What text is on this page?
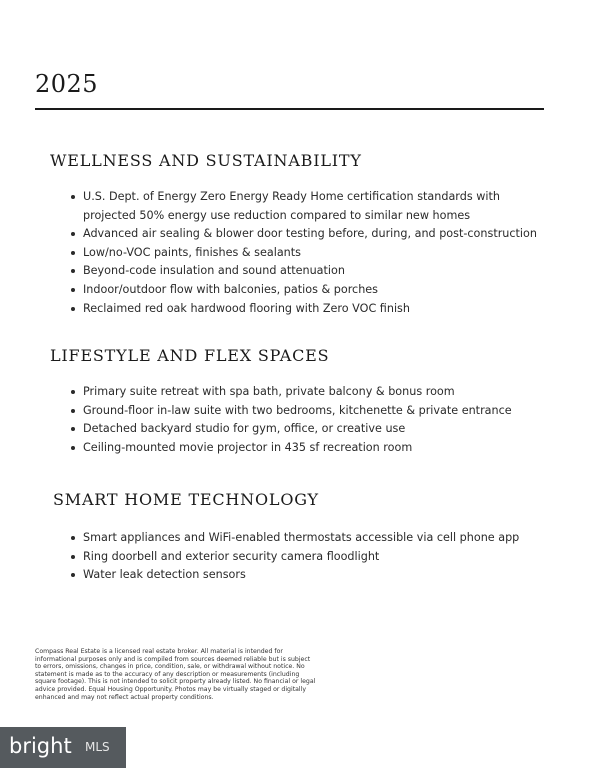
2025
WELLNESS AND SUSTAINABILITY
U.S. Dept. of Energy Zero Energy Ready Home certification standards with projected 50% energy use reduction compared to similar new homes
Advanced air sealing & blower door testing before, during, and post-construction
Low/no-VOC paints, finishes & sealants
Beyond-code insulation and sound attenuation
Indoor/outdoor flow with balconies, patios & porches
Reclaimed red oak hardwood flooring with Zero VOC finish
LIFESTYLE AND FLEX SPACES
Primary suite retreat with spa bath, private balcony & bonus room
Ground-floor in-law suite with two bedrooms, kitchenette & private entrance
Detached backyard studio for gym, office, or creative use
Ceiling-mounted movie projector in 435 sf recreation room
SMART HOME TECHNOLOGY
Smart appliances and WiFi-enabled thermostats accessible via cell phone app
Ring doorbell and exterior security camera floodlight
Water leak detection sensors
Compass Real Estate is a licensed real estate broker. All material is intended for informational purposes only and is compiled from sources deemed reliable but is subject to errors, omissions, changes in price, condition, sale, or withdrawal without notice. No statement is made as to the accuracy of any description or measurements (including square footage). This is not intended to solicit property already listed. No financial or legal advice provided. Equal Housing Opportunity. Photos may be virtually staged or digitally enhanced and may not reflect actual property conditions.
bright MLS
